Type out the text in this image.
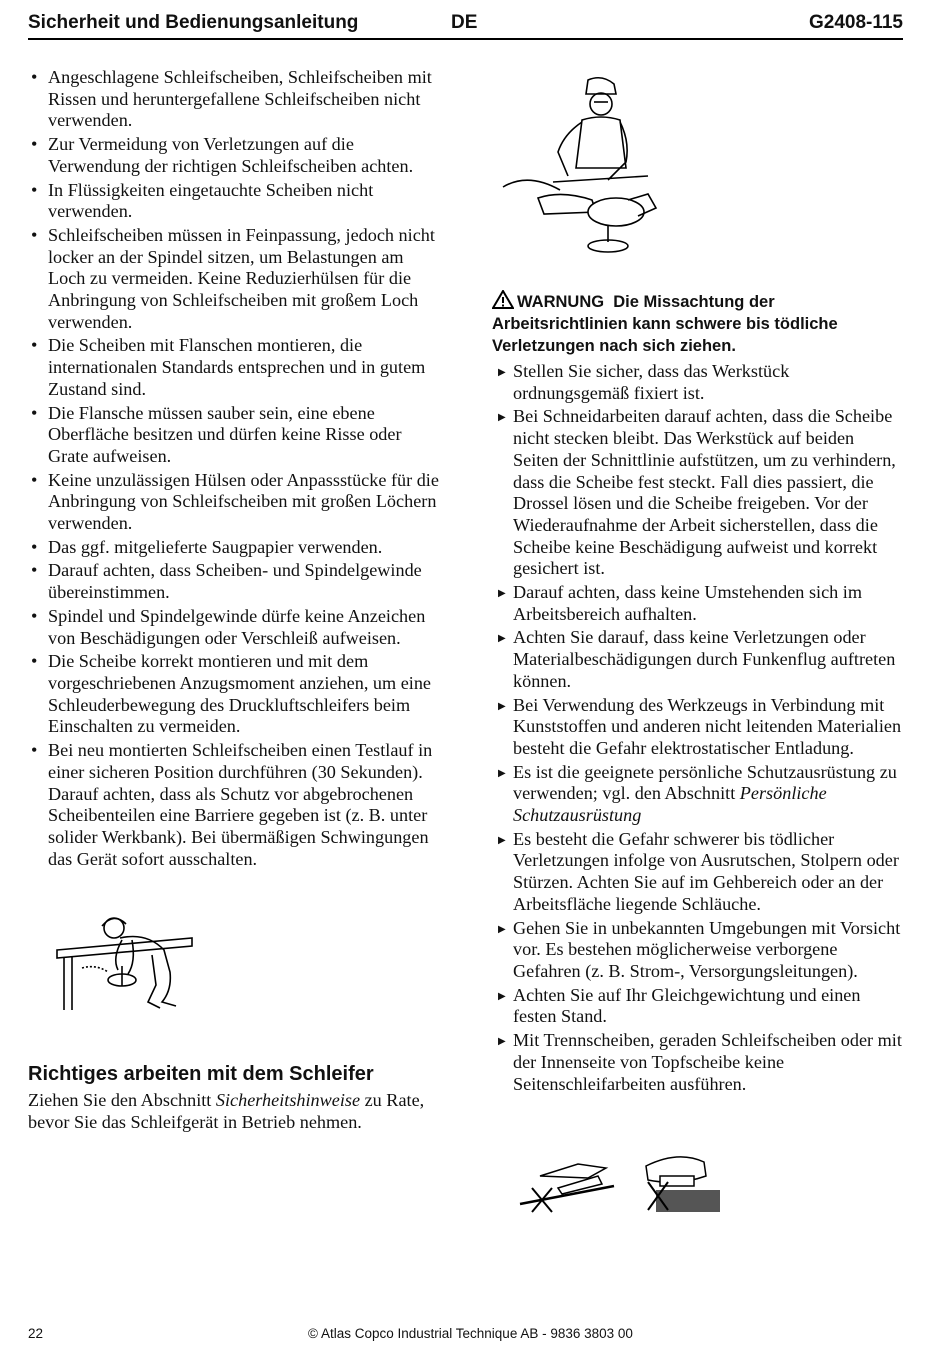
Sicherheit und Bedienungsanleitung	DE	G2408-115
• Angeschlagene Schleifscheiben, Schleifscheiben mit Rissen und heruntergefallene Schleifscheiben nicht verwenden.
• Zur Vermeidung von Verletzungen auf die Verwendung der richtigen Schleifscheiben achten.
• In Flüssigkeiten eingetauchte Scheiben nicht verwenden.
• Schleifscheiben müssen in Feinpassung, jedoch nicht locker an der Spindel sitzen, um Belastungen am Loch zu vermeiden. Keine Reduzierhülsen für die Anbringung von Schleifscheiben mit großem Loch verwenden.
• Die Scheiben mit Flanschen montieren, die internationalen Standards entsprechen und in gutem Zustand sind.
• Die Flansche müssen sauber sein, eine ebene Oberfläche besitzen und dürfen keine Risse oder Grate aufweisen.
• Keine unzulässigen Hülsen oder Anpassstücke für die Anbringung von Schleifscheiben mit großen Löchern verwenden.
• Das ggf. mitgelieferte Saugpapier verwenden.
• Darauf achten, dass Scheiben- und Spindelgewinde übereinstimmen.
• Spindel und Spindelgewinde dürfe keine Anzeichen von Beschädigungen oder Verschleiß aufweisen.
• Die Scheibe korrekt montieren und mit dem vorgeschriebenen Anzugsmoment anziehen, um eine Schleuderbewegung des Druckluftschleifers beim Einschalten zu vermeiden.
• Bei neu montierten Schleifscheiben einen Testlauf in einer sicheren Position durchführen (30 Sekunden). Darauf achten, dass als Schutz vor abgebrochenen Scheibenteilen eine Barriere gegeben ist (z. B. unter solider Werkbank). Bei übermäßigen Schwingungen das Gerät sofort ausschalten.
Richtiges arbeiten mit dem Schleifer
Ziehen Sie den Abschnitt Sicherheitshinweise zu Rate, bevor Sie das Schleifgerät in Betrieb nehmen.
WARNUNG Die Missachtung der Arbeitsrichtlinien kann schwere bis tödliche Verletzungen nach sich ziehen.
▶ Stellen Sie sicher, dass das Werkstück ordnungsgemäß fixiert ist.
▶ Bei Schneidarbeiten darauf achten, dass die Scheibe nicht stecken bleibt. Das Werkstück auf beiden Seiten der Schnittlinie aufstützen, um zu verhindern, dass die Scheibe fest steckt. Fall dies passiert, die Drossel lösen und die Scheibe freigeben. Vor der Wiederaufnahme der Arbeit sicherstellen, dass die Scheibe keine Beschädigung aufweist und korrekt gesichert ist.
▶ Darauf achten, dass keine Umstehenden sich im Arbeitsbereich aufhalten.
▶ Achten Sie darauf, dass keine Verletzungen oder Materialbeschädigungen durch Funkenflug auftreten können.
▶ Bei Verwendung des Werkzeugs in Verbindung mit Kunststoffen und anderen nicht leitenden Materialien besteht die Gefahr elektrostatischer Entladung.
▶ Es ist die geeignete persönliche Schutzausrüstung zu verwenden; vgl. den Abschnitt Persönliche Schutzausrüstung
▶ Es besteht die Gefahr schwerer bis tödlicher Verletzungen infolge von Ausrutschen, Stolpern oder Stürzen. Achten Sie auf im Gehbereich oder an der Arbeitsfläche liegende Schläuche.
▶ Gehen Sie in unbekannten Umgebungen mit Vorsicht vor. Es bestehen möglicherweise verborgene Gefahren (z. B. Strom-, Versorgungsleitungen).
▶ Achten Sie auf Ihr Gleichgewichtung und einen festen Stand.
▶ Mit Trennscheiben, geraden Schleifscheiben oder mit der Innenseite von Topfscheibe keine Seitenschleifarbeiten ausführen.
22	© Atlas Copco Industrial Technique AB - 9836 3803 00
